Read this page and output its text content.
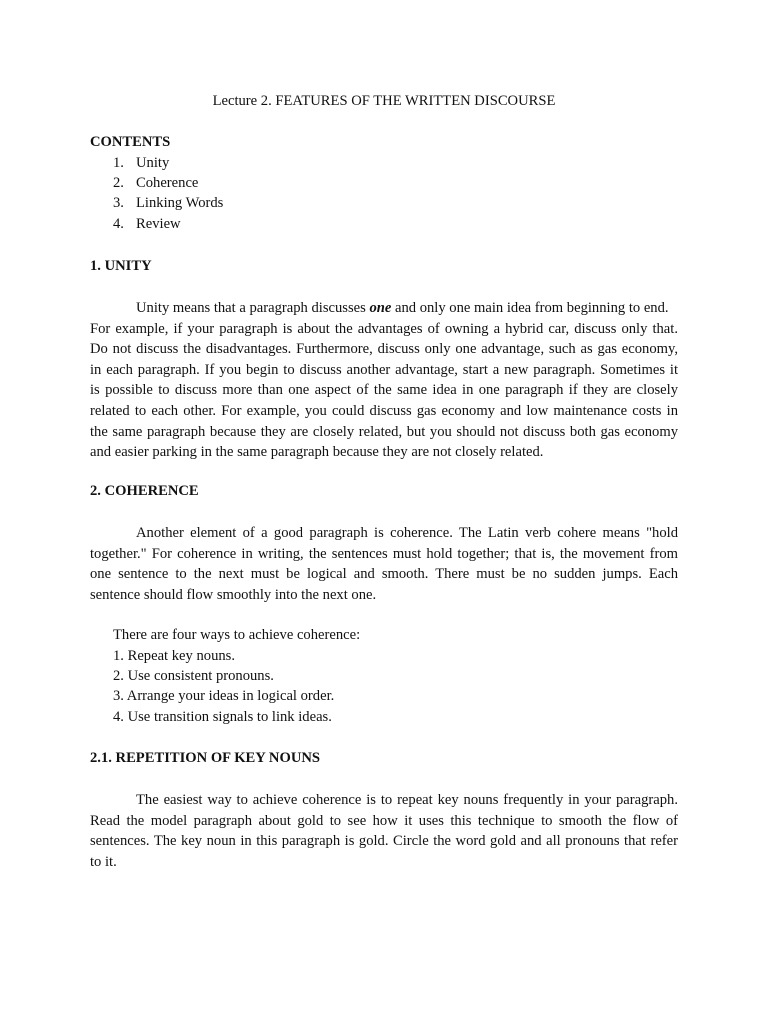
Lecture 2. FEATURES OF THE WRITTEN DISCOURSE
CONTENTS
1. Unity
2. Coherence
3. Linking Words
4. Review
1. UNITY
Unity means that a paragraph discusses one and only one main idea from beginning to end.
For example, if your paragraph is about the advantages of owning a hybrid car, discuss only that.
Do not discuss the disadvantages. Furthermore, discuss only one advantage, such as gas economy,
in each paragraph. If you begin to discuss another advantage, start a new paragraph. Sometimes it
is possible to discuss more than one aspect of the same idea in one paragraph if they are closely
related to each other. For example, you could discuss gas economy and low maintenance costs in
the same paragraph because they are closely related, but you should not discuss both gas economy
and easier parking in the same paragraph because they are not closely related.
2. COHERENCE
Another element of a good paragraph is coherence. The Latin verb cohere means "hold
together." For coherence in writing, the sentences must hold together; that is, the movement from
one sentence to the next must be logical and smooth. There must be no sudden jumps. Each
sentence should flow smoothly into the next one.
There are four ways to achieve coherence:
1. Repeat key nouns.
2. Use consistent pronouns.
3. Arrange your ideas in logical order.
4. Use transition signals to link ideas.
2.1. REPETITION OF KEY NOUNS
The easiest way to achieve coherence is to repeat key nouns frequently in your paragraph.
Read the model paragraph about gold to see how it uses this technique to smooth the flow of
sentences. The key noun in this paragraph is gold. Circle the word gold and all pronouns that refer
to it.
